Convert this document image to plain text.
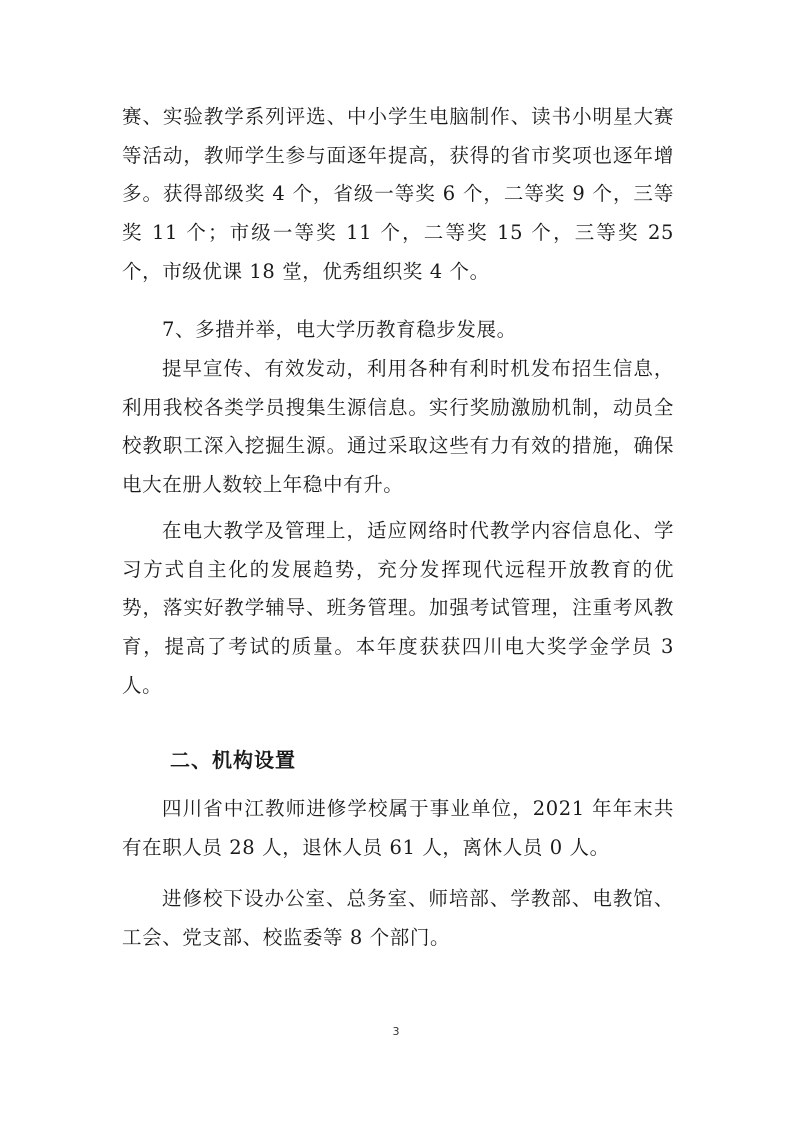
赛、实验教学系列评选、中小学生电脑制作、读书小明星大赛等活动，教师学生参与面逐年提高，获得的省市奖项也逐年增多。获得部级奖 4 个，省级一等奖 6 个，二等奖 9 个，三等奖 11 个；市级一等奖 11 个，二等奖 15 个，三等奖 25 个，市级优课 18 堂，优秀组织奖 4 个。

7、多措并举，电大学历教育稳步发展。

提早宣传、有效发动，利用各种有利时机发布招生信息，利用我校各类学员搜集生源信息。实行奖励激励机制，动员全校教职工深入挖掘生源。通过采取这些有力有效的措施，确保电大在册人数较上年稳中有升。

在电大教学及管理上，适应网络时代教学内容信息化、学习方式自主化的发展趋势，充分发挥现代远程开放教育的优势，落实好教学辅导、班务管理。加强考试管理，注重考风教育，提高了考试的质量。本年度获获四川电大奖学金学员 3 人。

二、机构设置

四川省中江教师进修学校属于事业单位，2021 年年末共有在职人员 28 人，退休人员 61 人，离休人员 0 人。

进修校下设办公室、总务室、师培部、学教部、电教馆、工会、党支部、校监委等 8 个部门。

3
